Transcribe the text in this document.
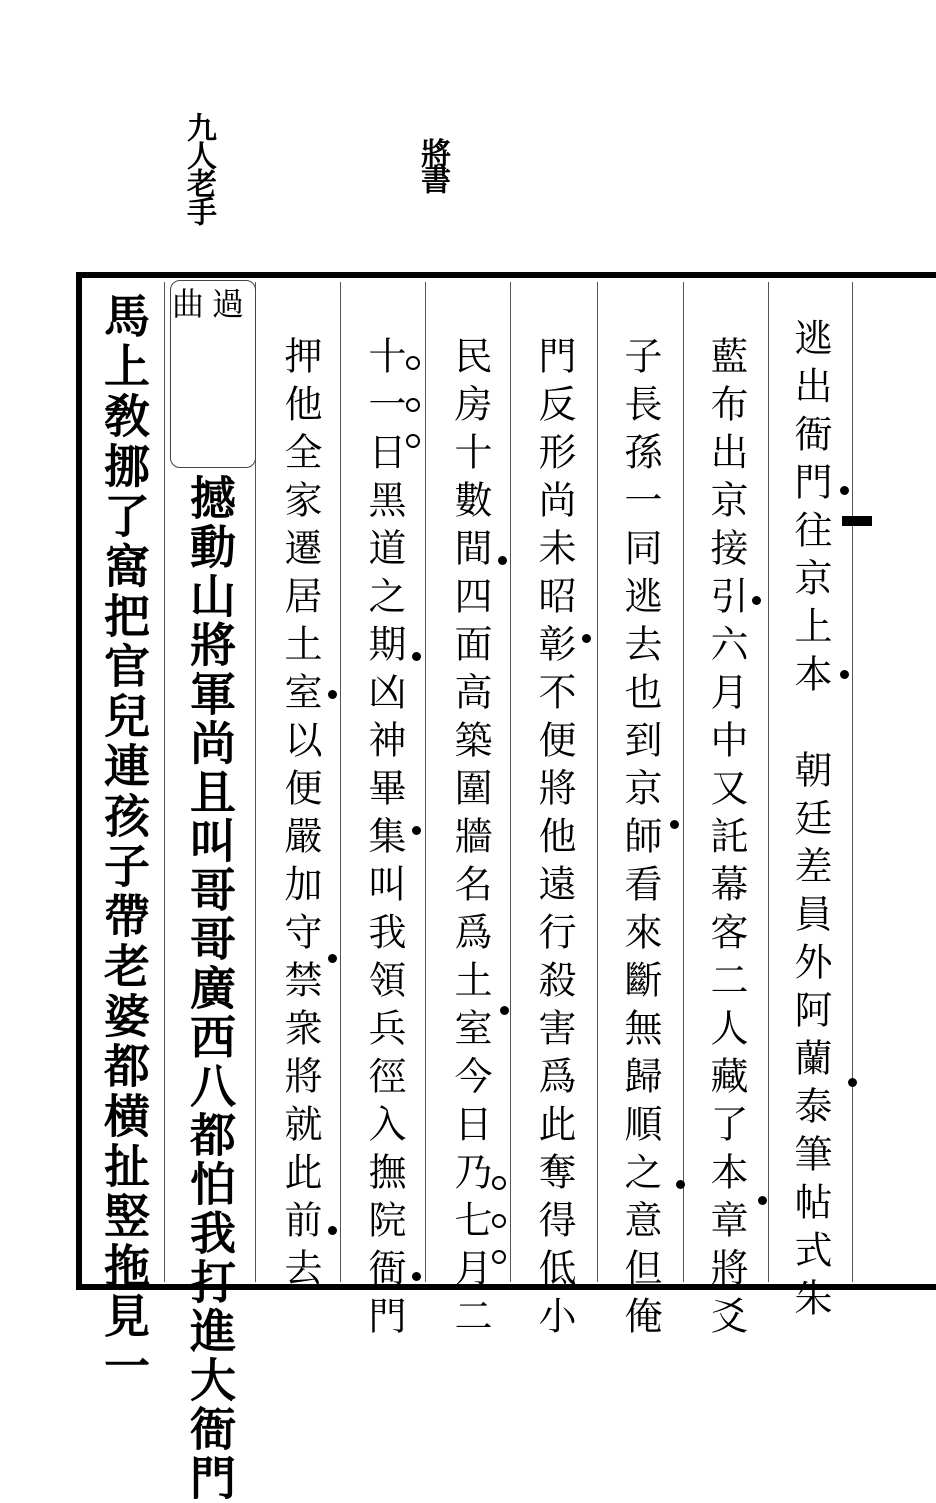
九人老手	將書
過
曲
逃出衙門往京上本　朝廷差員外阿蘭泰筆帖式朱
藍布出京接引六月中又託幕客二人藏了本章將爻
子長孫一同逃去也到京師看來斷無歸順之意但俺
門反形尚未昭彰不便將他遠行殺害爲此奪得低小
民房十數間四面高築圍牆名爲土室今日乃七月二
十一日黑道之期凶神畢集叫我領兵徑入撫院衙門
押他全家遷居土室以便嚴加守禁衆將就此前去
撼動山將軍尚且叫哥哥廣西八都怕我打進大衙門
馬上敎挪了窩把官兒連孩子帶老婆都横扯竪拖見一
